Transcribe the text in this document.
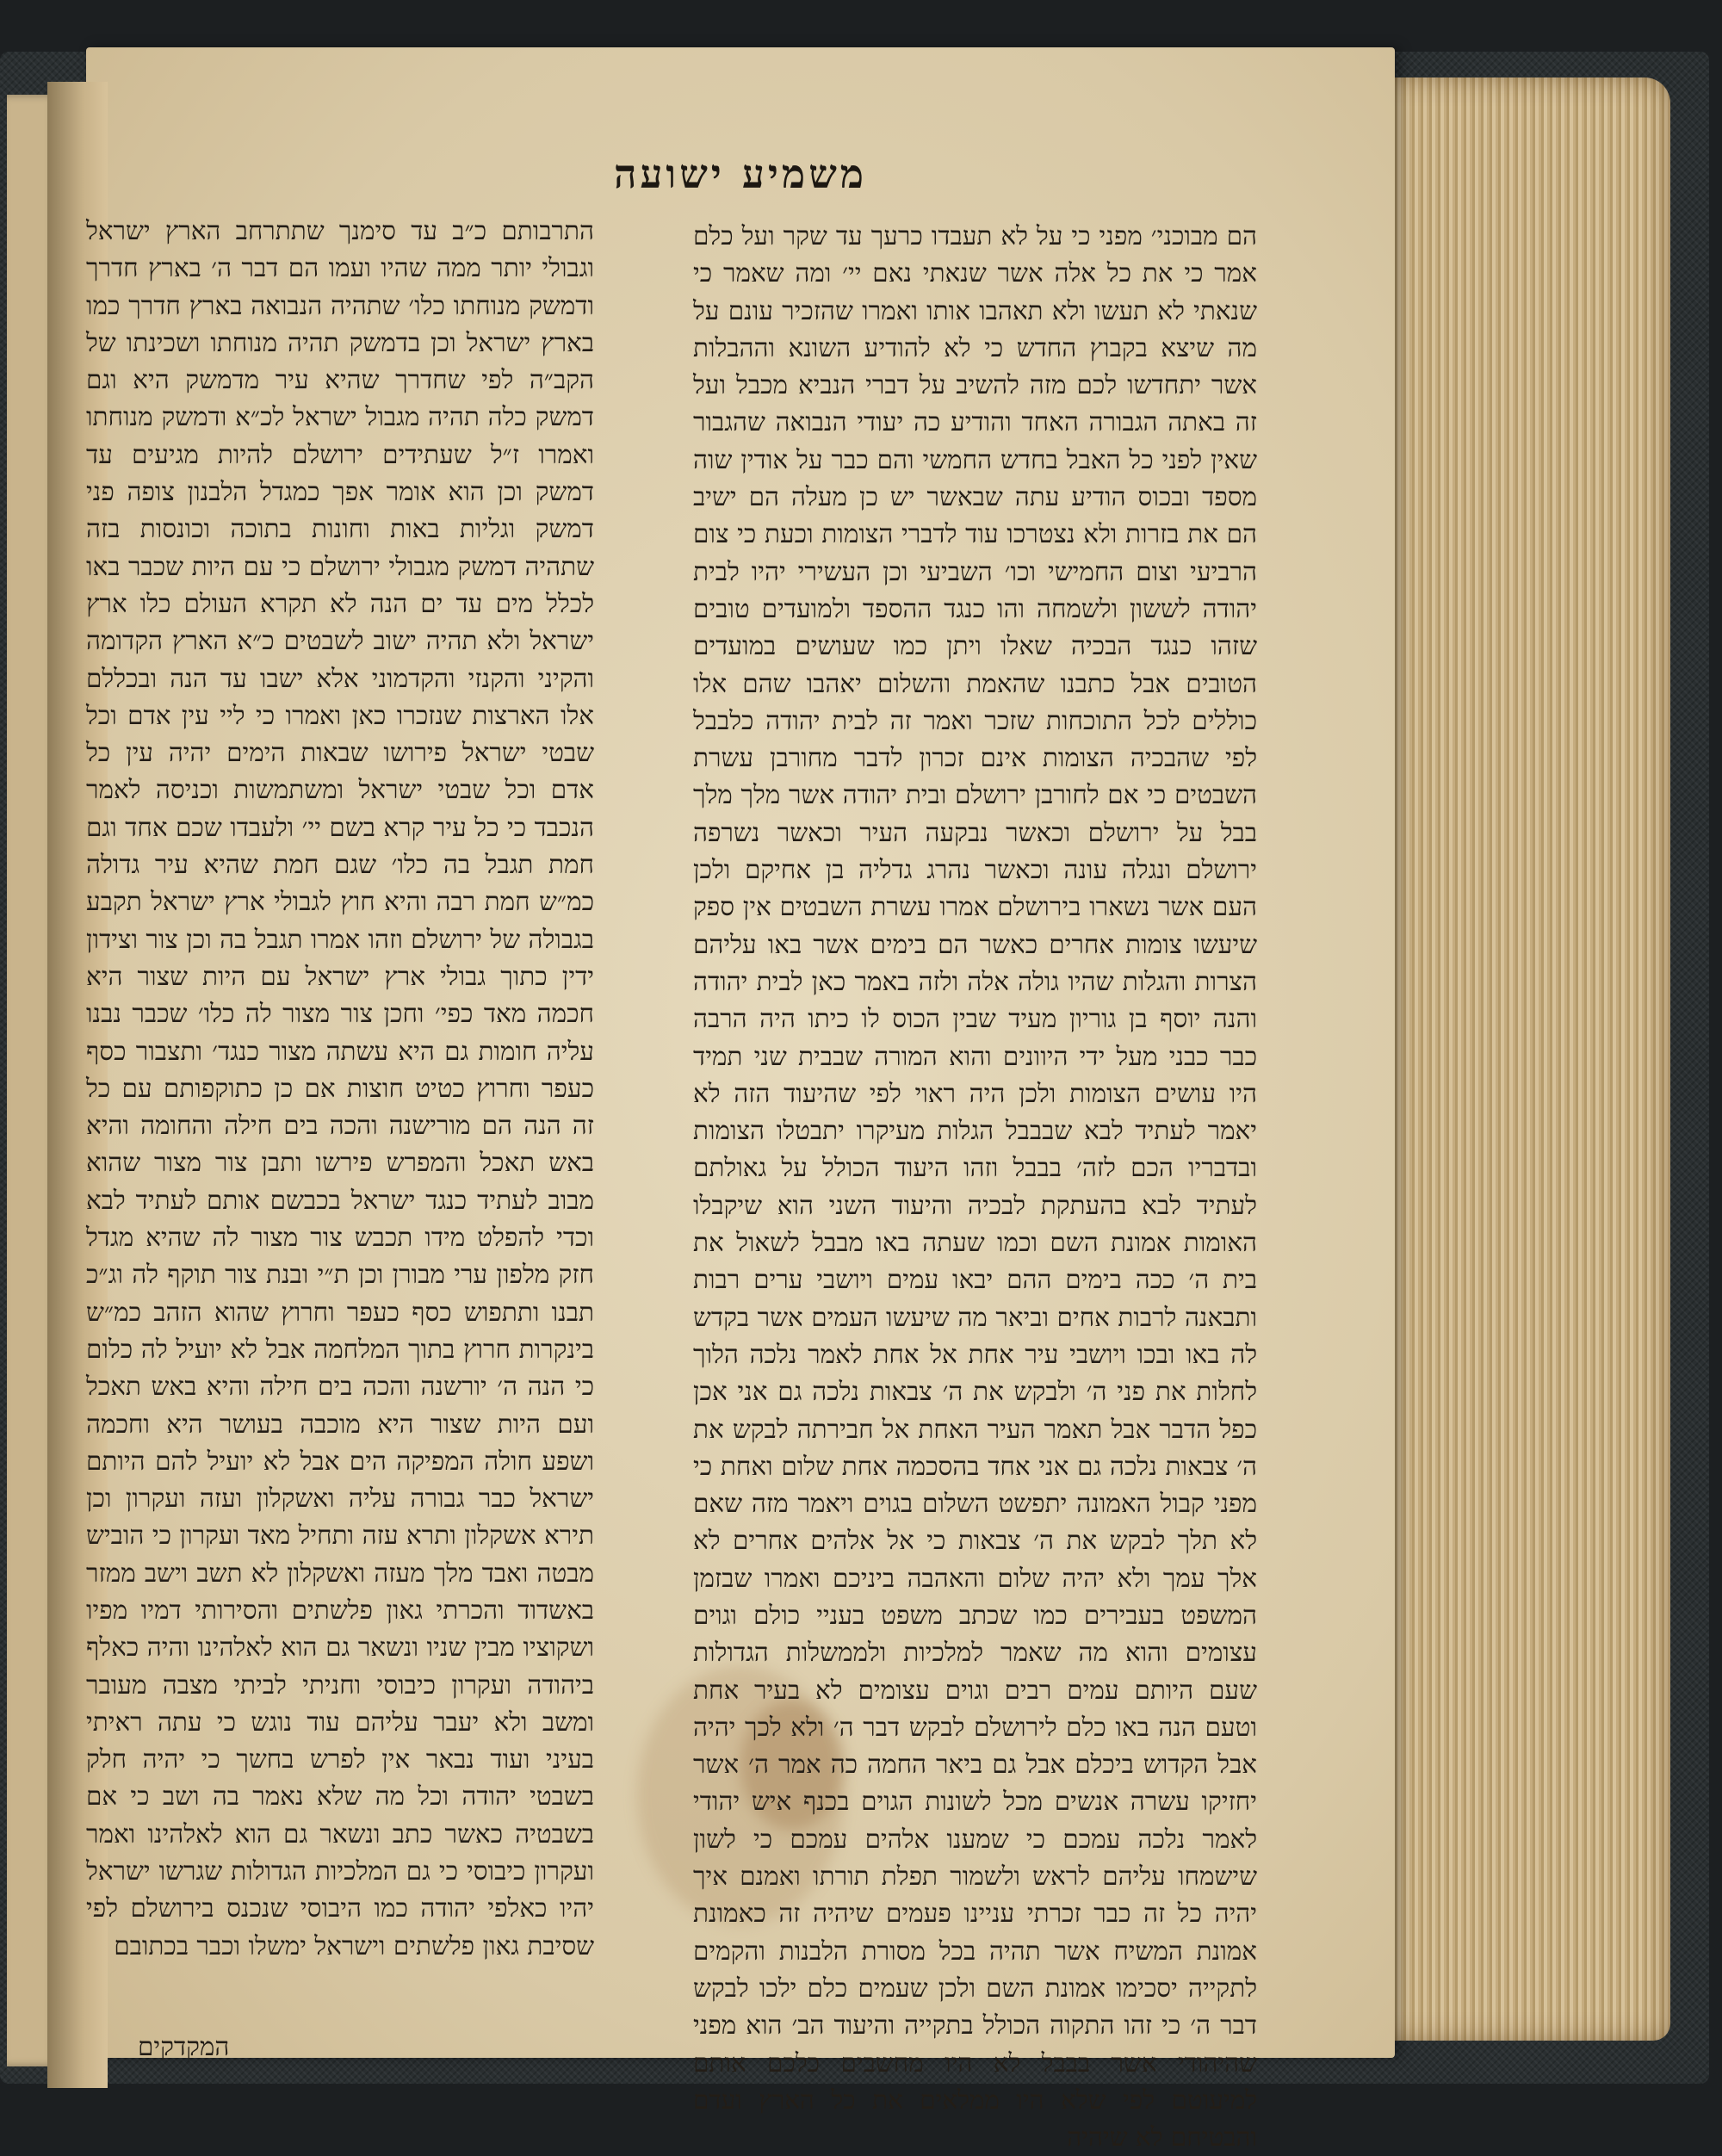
משמיע ישועה

הם מבוכני׳ מפני כי על לא תעבדו כרעך עד שקר ועל כלם אמר כי את כל אלה אשר שנאתי נאם יי׳ ומה שאמר כי שנאתי לא תעשו ולא תאהבו אותו ואמרו שהזכיר עונם על מה שיצא בקבוץ החדש כי לא להודיע השונא וההבלות אשר יתחדשו לכם מזה להשיב על דברי הנביא מכבל ועל זה באתה הגבורה האחד והודיע כה יעודי הנבואה שהגבור שאין לפני כל האבל בחדש החמשי והם כבר על אודין שוה מספד ובכוס הודיע עתה שבאשר יש כן מעלה הם ישיב הם את בזרות ולא נצטרכו עוד לדברי הצומות וכעת כי צום הרביעי וצום החמישי וכו׳ השביעי וכן העשירי יהיו לבית יהודה לששון ולשמחה והו כנגד ההספד ולמועדים טובים שזהו כנגד הבכיה שאלו ויתן כמו שעושים במועדים הטובים אבל כתבנו שהאמת והשלום יאהבו שהם אלו כוללים לכל התוכחות שזכר ואמר זה לבית יהודה כלבבל לפי שהבכיה הצומות אינם זכרון לדבר מחורבן עשרת השבטים כי אם לחורבן ירושלם ובית יהודה אשר מלך מלך בבל על ירושלם וכאשר נבקעה העיר וכאשר נשרפה ירושלם ונגלה עונה וכאשר נהרג גדליה בן אחיקם ולכן העם אשר נשארו בירושלם אמרו עשרת השבטים אין ספק שיעשו צומות אחרים כאשר הם בימים אשר באו עליהם הצרות והגלות שהיו גולה אלה ולזה באמר כאן לבית יהודה והנה יוסף בן גוריון מעיד שבין הכוס לו כיתו היה הרבה כבר כבני מעל ידי היוונים והוא המורה שבבית שני תמיד היו עושים הצומות ולכן היה ראוי לפי שהיעוד הזה לא יאמר לעתיד לבא שבבבל הגלות מעיקרו יתבטלו הצומות ובדבריו הכם לזה׳ בבבל וזהו היעוד הכולל על גאולתם לעתיד לבא בהעתקת לבכיה והיעוד השני הוא שיקבלו האומות אמונת השם וכמו שעתה באו מבבל לשאול את בית ה׳ ככה בימים ההם יבאו עמים ויושבי ערים רבות ותבאנה לרבות אחים וביאר מה שיעשו העמים אשר בקדש לה באו ובכו ויושבי עיר אחת אל אחת לאמר נלכה הלוך לחלות את פני ה׳ ולבקש את ה׳ צבאות נלכה גם אני אכן כפל הדבר אבל תאמר העיר האחת אל חבירתה לבקש את ה׳ צבאות נלכה גם אני אחד בהסכמה אחת שלום ואחת כי מפני קבול האמונה יתפשט השלום בגוים ויאמר מזה שאם לא תלך לבקש את ה׳ צבאות כי אל אלהים אחרים לא אלך עמך ולא יהיה שלום והאהבה ביניכם ואמרו שבזמן המשפט בעבירים כמו שכתב משפט בעניי כולם וגוים עצומים והוא מה שאמר למלכיות ולממשלות הגדולות שעם היותם עמים רבים וגוים עצומים לא בעיר אחת וטעם הנה באו כלם לירושלם לבקש דבר ה׳ ולא לכך יהיה אבל הקדוש ביכלם אבל גם ביאר החמה כה אמר ה׳ אשר יחזיקו עשרה אנשים מכל לשונות הגוים בכנף איש יהודי לאמר נלכה עמכם כי שמענו אלהים עמכם כי לשון שישמחו עליהם לראש ולשמור תפלת תורתו ואמנם איך יהיה כל זה כבר זכרתי עניינו פעמים שיהיה זה כאמונת אמונת המשיח אשר תהיה בכל מסורת הלבנות והקמים לתקייה יסכימו אמונת השם ולכן שעמים כלם ילכו לבקש דבר ה׳ כי זהו התקוה הכולל בתקייה והיעוד הב׳ הוא מפני שהיהודי אשר בבבל לא היו מחשבים כלכם אותם למיעוטם לפי שלא היו ממלאים את כל הארץ ועדם והבטיחם לא שיהיה

התרבותם כ״ב עד סימנך שתתרחב הארץ ישראל וגבולי יותר ממה שהיו ועמו הם דבר ה׳ בארץ חדרך ודמשק מנוחתו כלו׳ שתהיה הנבואה בארץ חדרך כמו בארץ ישראל וכן בדמשק תהיה מנוחתו ושכינתו של הקב״ה לפי שחדרך שהיא עיר מדמשק היא וגם דמשק כלה תהיה מגבול ישראל לכ״א ודמשק מנוחתו ואמרו ז״ל שעתידים ירושלם להיות מגיעים עד דמשק וכן הוא אומר אפך כמגדל הלבנון צופה פני דמשק וגליות באות וחונות בתוכה וכונסות בזה שתהיה דמשק מגבולי ירושלם כי עם היות שכבר באו לכלל מים עד ים הנה לא תקרא העולם כלו ארץ ישראל ולא תהיה ישוב לשבטים כ״א הארץ הקדומה והקיני והקנזי והקדמוני אלא ישבו עד הנה ובכללם אלו הארצות שנזכרו כאן ואמרו כי ליי עין אדם וכל שבטי ישראל פירושו שבאות הימים יהיה עין כל אדם וכל שבטי ישראל ומשתמשות וכניסה לאמר הנכבד כי כל עיר קרא בשם יי׳ ולעבדו שכם אחד וגם חמת תגבל בה כלו׳ שגם חמת שהיא עיר גדולה כמ״ש חמת רבה והיא חוץ לגבולי ארץ ישראל תקבע בגבולה של ירושלם וזהו אמרו תגבל בה וכן צור וצידון ידין כתוך גבולי ארץ ישראל עם היות שצור היא חכמה מאד כפי׳ וחכן צור מצור לה כלו׳ שכבר נבנו עליה חומות גם היא עשתה מצור כנגד׳ ותצבור כסף כעפר וחרוץ כטיט חוצות אם כן כתוקפותם עם כל זה הנה הם מורישנה והכה בים חילה והחומה והיא באש תאכל והמפרש פירשו ותבן צור מצור שהוא מבוב לעתיד כנגד ישראל בכבשם אותם לעתיד לבא וכדי להפלט מידו תכבש צור מצור לה שהיא מגדל חזק מלפון ערי מבורן וכן ת״י ובנת צור תוקף לה וג״כ תבנו ותתפוש כסף כעפר וחרוץ שהוא הזהב כמ״ש בינקרות חרוץ בתוך המלחמה אבל לא יועיל לה כלום כי הנה ה׳ יורשנה והכה בים חילה והיא באש תאכל ועם היות שצור היא מוכבה בעושר היא וחכמה ושפע חולה המפיקה הים אבל לא יועיל להם היותם ישראל כבר גבורה עליה ואשקלון ועזה ועקרון וכן תירא אשקלון ותרא עזה ותחיל מאד ועקרון כי הוביש מבטה ואבד מלך מעזה ואשקלון לא תשב וישב ממזר באשדוד והכרתי גאון פלשתים והסירותי דמיו מפיו ושקוציו מבין שניו ונשאר גם הוא לאלהינו והיה כאלף ביהודה ועקרון כיבוסי וחניתי לביתי מצבה מעובר ומשב ולא יעבר עליהם עוד נוגש כי עתה ראיתי בעיני ועוד נבאר אין לפרש בחשך כי יהיה חלק בשבטי יהודה וכל מה שלא נאמר בה ושב כי אם בשבטיה כאשר כתב ונשאר גם הוא לאלהינו ואמר ועקרון כיבוסי כי גם המלכיות הגדולות שגרשו ישראל יהיו כאלפי יהודה כמו היבוסי שנכנס בירושלם לפי שסיבת גאון פלשתים וישראל ימשלו וכבר בכתובם

המקדקים
